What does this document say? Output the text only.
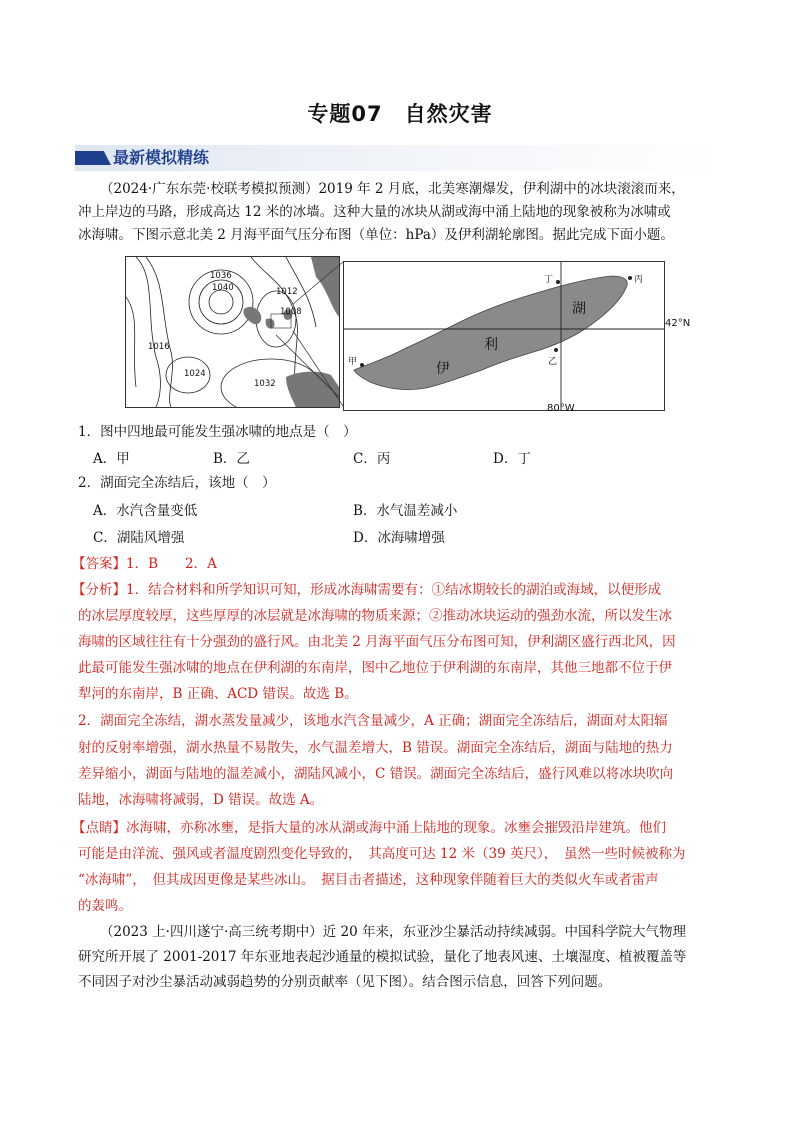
专题07　自然灾害
最新模拟精练
（2024·广东东莞·校联考模拟预测）2019 年 2 月底，北美寒潮爆发，伊利湖中的冰块滚滚而来，
冲上岸边的马路，形成高达 12 米的冰墙。这种大量的冰块从湖或海中涌上陆地的现象被称为冰啸或
冰海啸。下图示意北美 2 月海平面气压分布图（单位：hPa）及伊利湖轮廓图。据此完成下面小题。
1036
1040	1012
1008
1016
1024
1032
伊
利
湖
甲	乙
丙
丁
42°N
80°W
1．图中四地最可能发生强冰啸的地点是（　）
A．甲	B．乙	C．丙	D．丁
2．湖面完全冻结后，该地（　）
A．水汽含量变低	B．水气温差减小
C．湖陆风增强	D．冰海啸增强
【答案】1．B　　2．A
【分析】1．结合材料和所学知识可知，形成冰海啸需要有：①结冰期较长的湖泊或海域，以便形成
的冰层厚度较厚，这些厚厚的冰层就是冰海啸的物质来源；②推动冰块运动的强劲水流，所以发生冰
海啸的区域往往有十分强劲的盛行风。由北美 2 月海平面气压分布图可知，伊利湖区盛行西北风，因
此最可能发生强冰啸的地点在伊利湖的东南岸，图中乙地位于伊利湖的东南岸，其他三地都不位于伊
犁河的东南岸，B 正确、ACD 错误。故选 B。
2．湖面完全冻结，湖水蒸发量减少，该地水汽含量减少，A 正确；湖面完全冻结后，湖面对太阳辐
射的反射率增强，湖水热量不易散失，水气温差增大，B 错误。湖面完全冻结后，湖面与陆地的热力
差异缩小，湖面与陆地的温差减小，湖陆风减小，C 错误。湖面完全冻结后，盛行风难以将冰块吹向
陆地，冰海啸将减弱，D 错误。故选 A。
【点睛】冰海啸，亦称冰壅，是指大量的冰从湖或海中涌上陆地的现象。冰壅会摧毁沿岸建筑。他们
可能是由洋流、强风或者温度剧烈变化导致的，　其高度可达 12 米（39 英尺），　虽然一些时候被称为
“冰海啸”，　但其成因更像是某些冰山。　据目击者描述，这种现象伴随着巨大的类似火车或者雷声
的轰鸣。
（2023 上·四川遂宁·高三统考期中）近 20 年来，东亚沙尘暴活动持续减弱。中国科学院大气物理
研究所开展了 2001-2017 年东亚地表起沙通量的模拟试验，量化了地表风速、土壤湿度、植被覆盖等
不同因子对沙尘暴活动减弱趋势的分别贡献率（见下图）。结合图示信息，回答下列问题。
